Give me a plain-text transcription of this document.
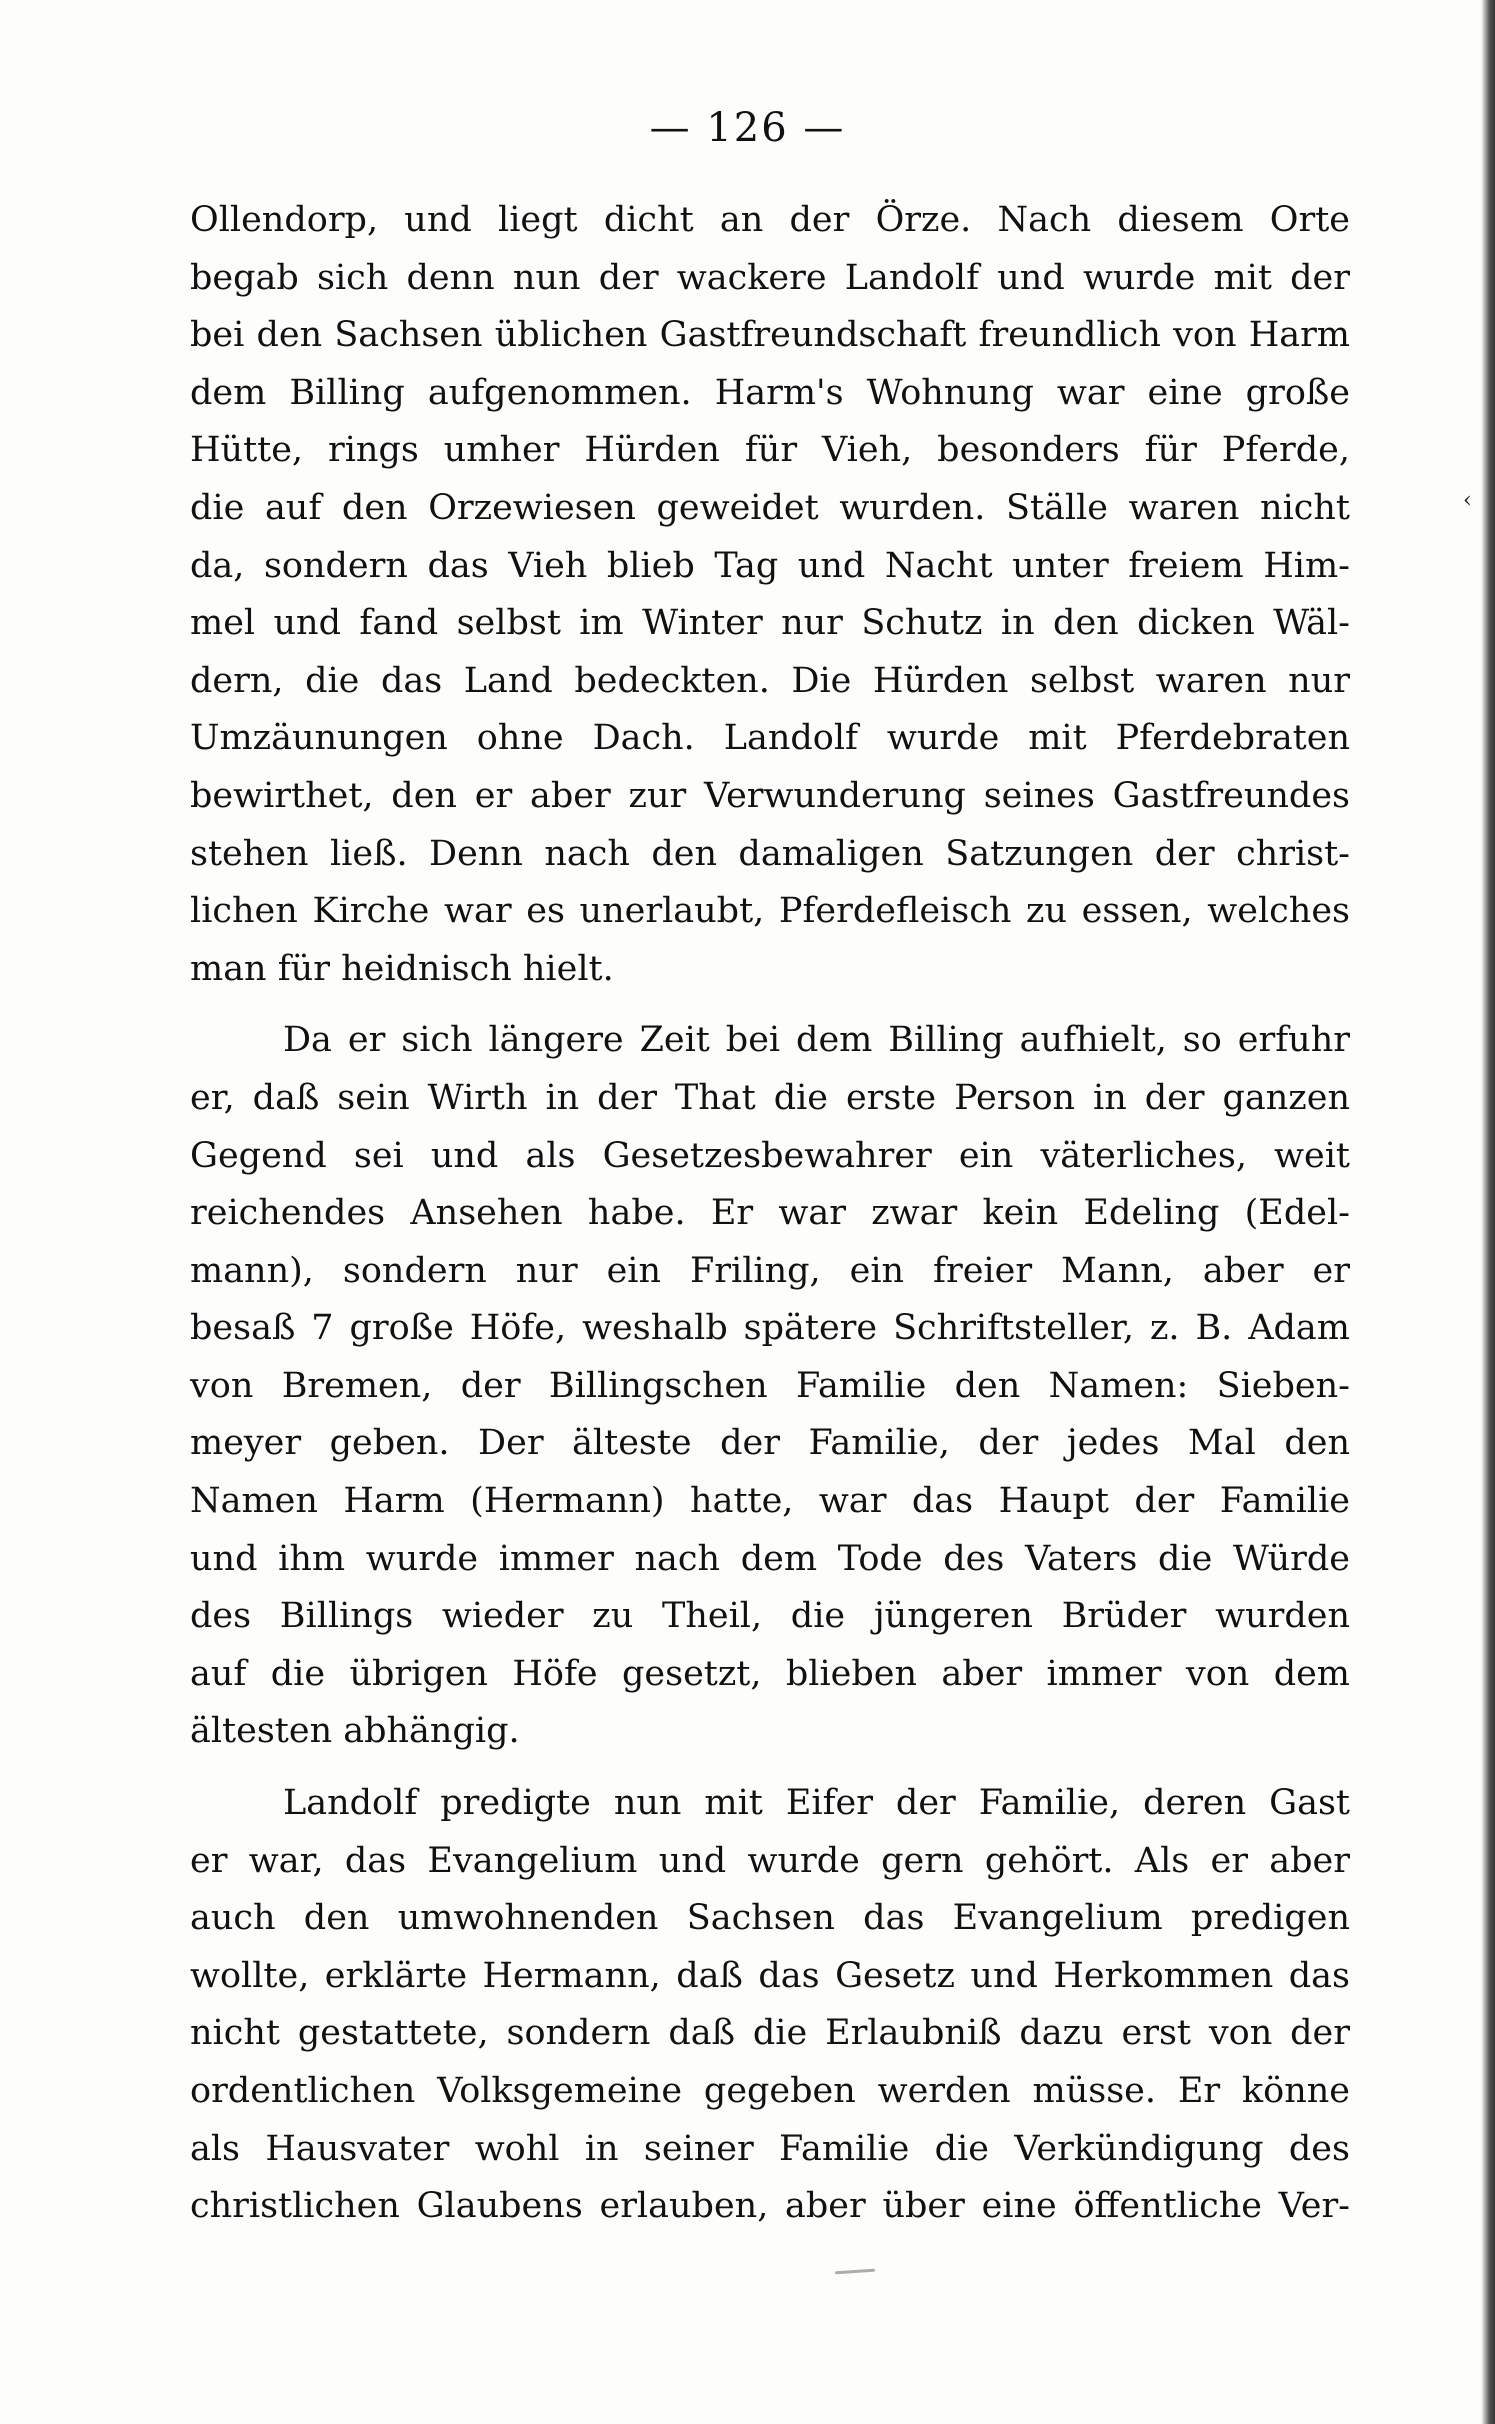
— 126 —
Ollendorp, und liegt dicht an der Örze. Nach diesem Orte
begab sich denn nun der wackere Landolf und wurde mit der
bei den Sachsen üblichen Gastfreundschaft freundlich von Harm
dem Billing aufgenommen. Harm's Wohnung war eine große
Hütte, rings umher Hürden für Vieh, besonders für Pferde,
die auf den Orzewiesen geweidet wurden. Ställe waren nicht
da, sondern das Vieh blieb Tag und Nacht unter freiem Him-
mel und fand selbst im Winter nur Schutz in den dicken Wäl-
dern, die das Land bedeckten. Die Hürden selbst waren nur
Umzäunungen ohne Dach. Landolf wurde mit Pferdebraten
bewirthet, den er aber zur Verwunderung seines Gastfreundes
stehen ließ. Denn nach den damaligen Satzungen der christ-
lichen Kirche war es unerlaubt, Pferdefleisch zu essen, welches
man für heidnisch hielt.
Da er sich längere Zeit bei dem Billing aufhielt, so erfuhr
er, daß sein Wirth in der That die erste Person in der ganzen
Gegend sei und als Gesetzesbewahrer ein väterliches, weit
reichendes Ansehen habe. Er war zwar kein Edeling (Edel-
mann), sondern nur ein Friling, ein freier Mann, aber er
besaß 7 große Höfe, weshalb spätere Schriftsteller, z. B. Adam
von Bremen, der Billingschen Familie den Namen: Sieben-
meyer geben. Der älteste der Familie, der jedes Mal den
Namen Harm (Hermann) hatte, war das Haupt der Familie
und ihm wurde immer nach dem Tode des Vaters die Würde
des Billings wieder zu Theil, die jüngeren Brüder wurden
auf die übrigen Höfe gesetzt, blieben aber immer von dem
ältesten abhängig.
Landolf predigte nun mit Eifer der Familie, deren Gast
er war, das Evangelium und wurde gern gehört. Als er aber
auch den umwohnenden Sachsen das Evangelium predigen
wollte, erklärte Hermann, daß das Gesetz und Herkommen das
nicht gestattete, sondern daß die Erlaubniß dazu erst von der
ordentlichen Volksgemeine gegeben werden müsse. Er könne
als Hausvater wohl in seiner Familie die Verkündigung des
christlichen Glaubens erlauben, aber über eine öffentliche Ver-
‹
